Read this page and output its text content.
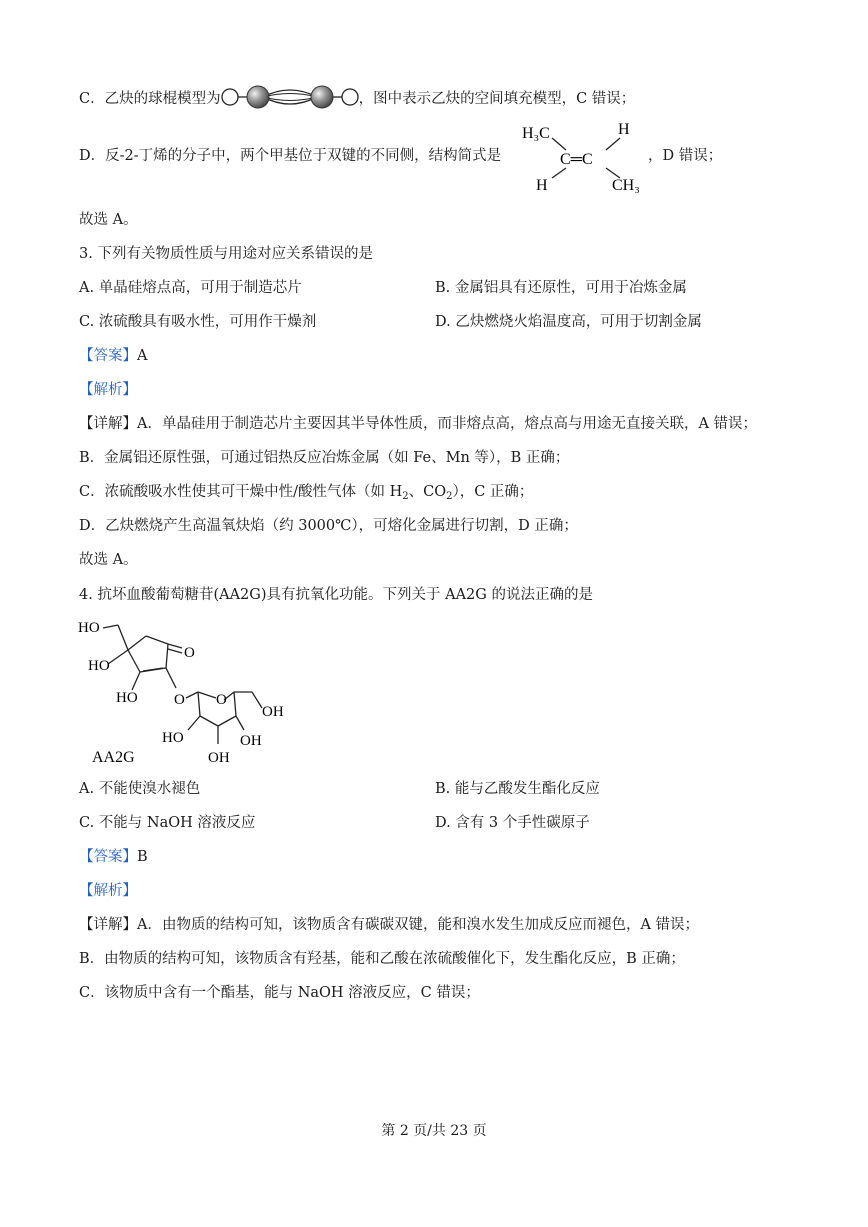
C．乙炔的球棍模型为	，图中表示乙炔的空间填充模型，C 错误；
D．反-2-丁烯的分子中，两个甲基位于双键的不同侧，结构简式是
H₃C	H
C═C
H	CH₃
，D 错误；
故选 A。
3. 下列有关物质性质与用途对应关系错误的是
A. 单晶硅熔点高，可用于制造芯片	B. 金属铝具有还原性，可用于冶炼金属
C. 浓硫酸具有吸水性，可用作干燥剂	D. 乙炔燃烧火焰温度高，可用于切割金属
【答案】A
【解析】
【详解】A．单晶硅用于制造芯片主要因其半导体性质，而非熔点高，熔点高与用途无直接关联，A 错误；
B．金属铝还原性强，可通过铝热反应冶炼金属（如 Fe、Mn 等），B 正确；
C．浓硫酸吸水性使其可干燥中性/酸性气体（如 $H_2$、$CO_2$），C 正确；
D．乙炔燃烧产生高温氧炔焰（约 3000℃），可熔化金属进行切割，D 正确；
故选 A。
4. 抗坏血酸葡萄糖苷(AA2G)具有抗氧化功能。下列关于 AA2G 的说法正确的是
HO
HO
O
HO O O
OH
HO	OH
OH
AA2G
A. 不能使溴水褪色	B. 能与乙酸发生酯化反应
C. 不能与 NaOH 溶液反应	D. 含有 3 个手性碳原子
【答案】B
【解析】
【详解】A．由物质的结构可知，该物质含有碳碳双键，能和溴水发生加成反应而褪色，A 错误；
B．由物质的结构可知，该物质含有羟基，能和乙酸在浓硫酸催化下，发生酯化反应，B 正确；
C．该物质中含有一个酯基，能与 NaOH 溶液反应，C 错误；
第 2 页/共 23 页
